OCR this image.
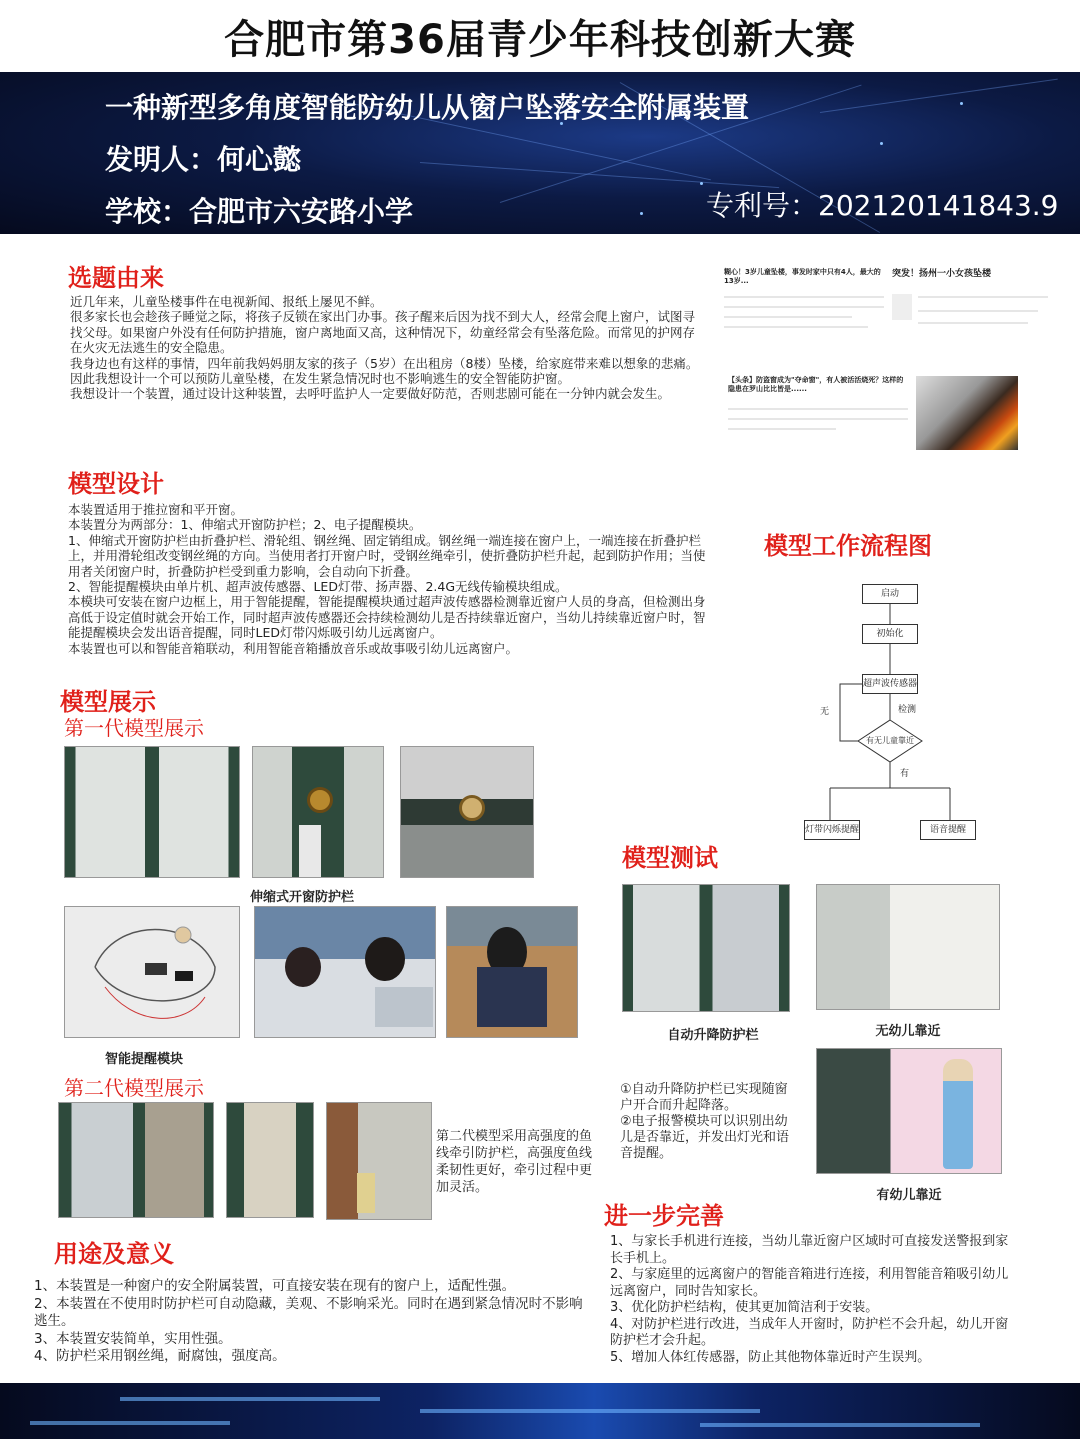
合肥市第36届青少年科技创新大赛
一种新型多角度智能防幼儿从窗户坠落安全附属装置
发明人：何心懿
学校：合肥市六安路小学	专利号：202120141843.9
选题由来

近几年来，儿童坠楼事件在电视新闻、报纸上屡见不鲜。

很多家长也会趁孩子睡觉之际，将孩子反锁在家出门办事。孩子醒来后因为找不到大人，经常会爬上窗户，试图寻找父母。如果窗户外没有任何防护措施，窗户离地面又高，这种情况下，幼童经常会有坠落危险。而常见的护网存在火灾无法逃生的安全隐患。

我身边也有这样的事情，四年前我妈妈朋友家的孩子（5岁）在出租房（8楼）坠楼，给家庭带来难以想象的悲痛。

因此我想设计一个可以预防儿童坠楼，在发生紧急情况时也不影响逃生的安全智能防护窗。

我想设计一个装置，通过设计这种装置，去呼吁监护人一定要做好防范，否则悲剧可能在一分钟内就会发生。

糊心！3岁儿童坠楼，事发时家中只有4人，最大的13岁...
突发！扬州一小女孩坠楼
【头条】防盗窗成为"夺命窗"，有人被活活烧死？这样的隐患在罗山比比皆是......
模型设计

本装置适用于推拉窗和平开窗。

本装置分为两部分：1、伸缩式开窗防护栏；2、电子提醒模块。

1、伸缩式开窗防护栏由折叠护栏、滑轮组、钢丝绳、固定销组成。钢丝绳一端连接在窗户上，一端连接在折叠护栏上，并用滑轮组改变钢丝绳的方向。当使用者打开窗户时，受钢丝绳牵引，使折叠防护栏升起，起到防护作用；当使用者关闭窗户时，折叠防护栏受到重力影响，会自动向下折叠。

2、智能提醒模块由单片机、超声波传感器、LED灯带、扬声器、2.4G无线传输模块组成。

本模块可安装在窗户边框上，用于智能提醒，智能提醒模块通过超声波传感器检测靠近窗户人员的身高，但检测出身高低于设定值时就会开始工作，同时超声波传感器还会持续检测幼儿是否持续靠近窗户，当幼儿持续靠近窗户时，智能提醒模块会发出语音提醒，同时LED灯带闪烁吸引幼儿远离窗户。

本装置也可以和智能音箱联动，利用智能音箱播放音乐或故事吸引幼儿远离窗户。

模型工作流程图
启动
初始化
超声波传感器
有无儿童靠近
无	检测
有
灯带闪烁提醒	语音提醒
模型展示
第一代模型展示
伸缩式开窗防护栏
智能提醒模块
第二代模型展示
第二代模型采用高强度的鱼线牵引防护栏，高强度鱼线柔韧性更好，牵引过程中更加灵活。
模型测试
自动升降防护栏	无幼儿靠近
有幼儿靠近
①自动升降防护栏已实现随窗户开合而升起降落。
②电子报警模块可以识别出幼儿是否靠近，并发出灯光和语音提醒。
用途及意义

1、本装置是一种窗户的安全附属装置，可直接安装在现有的窗户上，适配性强。

2、本装置在不使用时防护栏可自动隐藏，美观、不影响采光。同时在遇到紧急情况时不影响逃生。

3、本装置安装简单，实用性强。

4、防护栏采用钢丝绳，耐腐蚀，强度高。

进一步完善

1、与家长手机进行连接，当幼儿靠近窗户区域时可直接发送警报到家长手机上。

2、与家庭里的远离窗户的智能音箱进行连接，利用智能音箱吸引幼儿远离窗户，同时告知家长。

3、优化防护栏结构，使其更加简洁利于安装。

4、对防护栏进行改进，当成年人开窗时，防护栏不会升起，幼儿开窗防护栏才会升起。

5、增加人体红传感器，防止其他物体靠近时产生误判。
